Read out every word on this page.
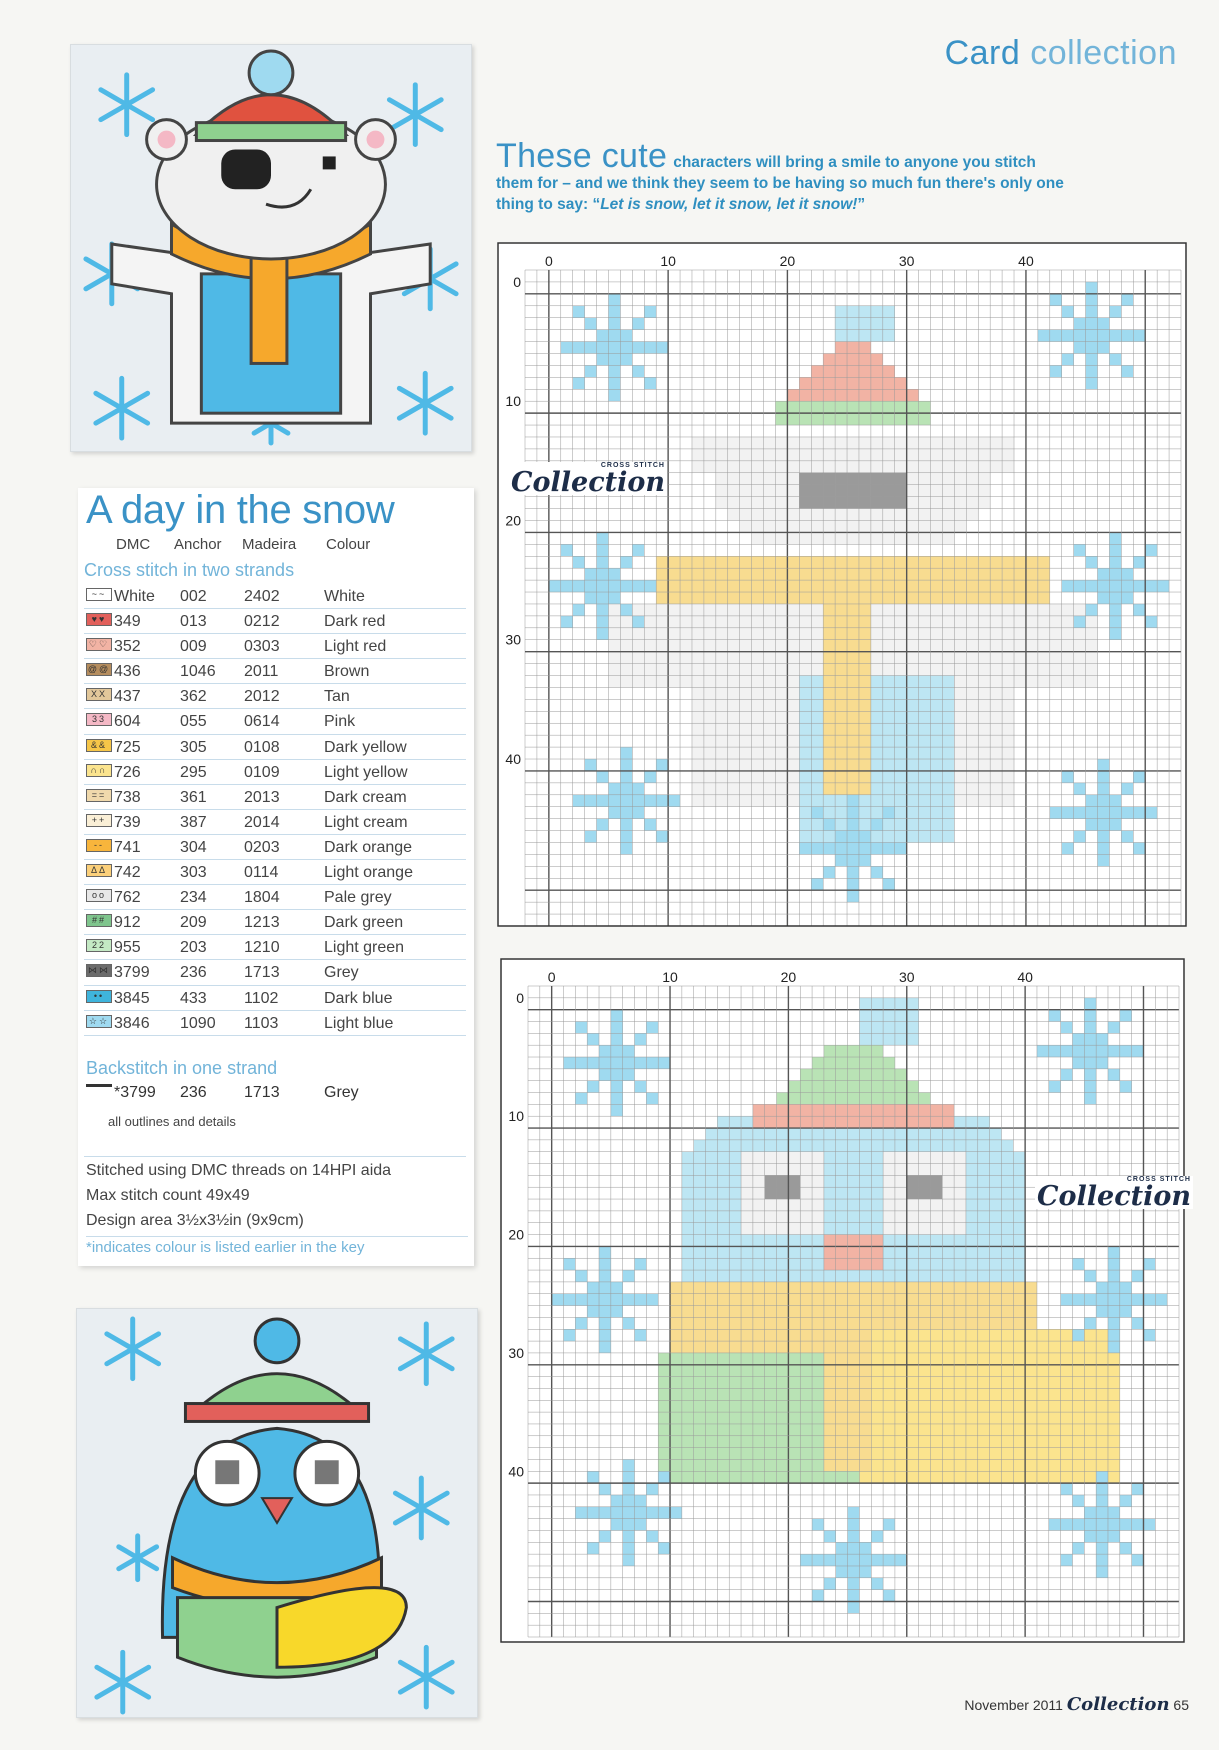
Card collection
These cute characters will bring a smile to anyone you stitch them for – and we think they seem to be having so much fun there's only one thing to say: “Let is snow, let it snow, let it snow!”
A day in the snow
DMC Anchor Madeira Colour
Cross stitch in two strands
~~ White 002 2402	White
♥♥ 349 013 0212	Dark red
♡♡ 352 009 0303	Light red
@@ 436 1046 2011	Brown
XX 437 362 2012	Tan
33 604 055 0614	Pink
&& 725 305 0108	Dark yellow
∩∩ 726 295 0109	Light yellow
== 738 361 2013	Dark cream
++ 739 387 2014	Light cream
-- 741 304 0203	Dark orange
ΔΔ 742 303 0114	Light orange
oo 762 234 1804	Pale grey
## 912 209 1213	Dark green
22 955 203 1210	Light green
⋈⋈ 3799 236 1713	Grey
•• 3845 433 1102	Dark blue
☆☆ 3846 1090 1103	Light blue
Backstitch in one strand
*3799 236 1713	Grey
all outlines and details
Stitched using DMC threads on 14HPI aida
Max stitch count 49x49
Design area 3½x3½in (9x9cm)
*indicates colour is listed earlier in the key
0
0
10
10
20
20
30
30
40
40
CROSS STITCH
Collection
0
0
10
10
20
20
30
30
40
40
CROSS STITCH
Collection
November 2011 Collection 65
